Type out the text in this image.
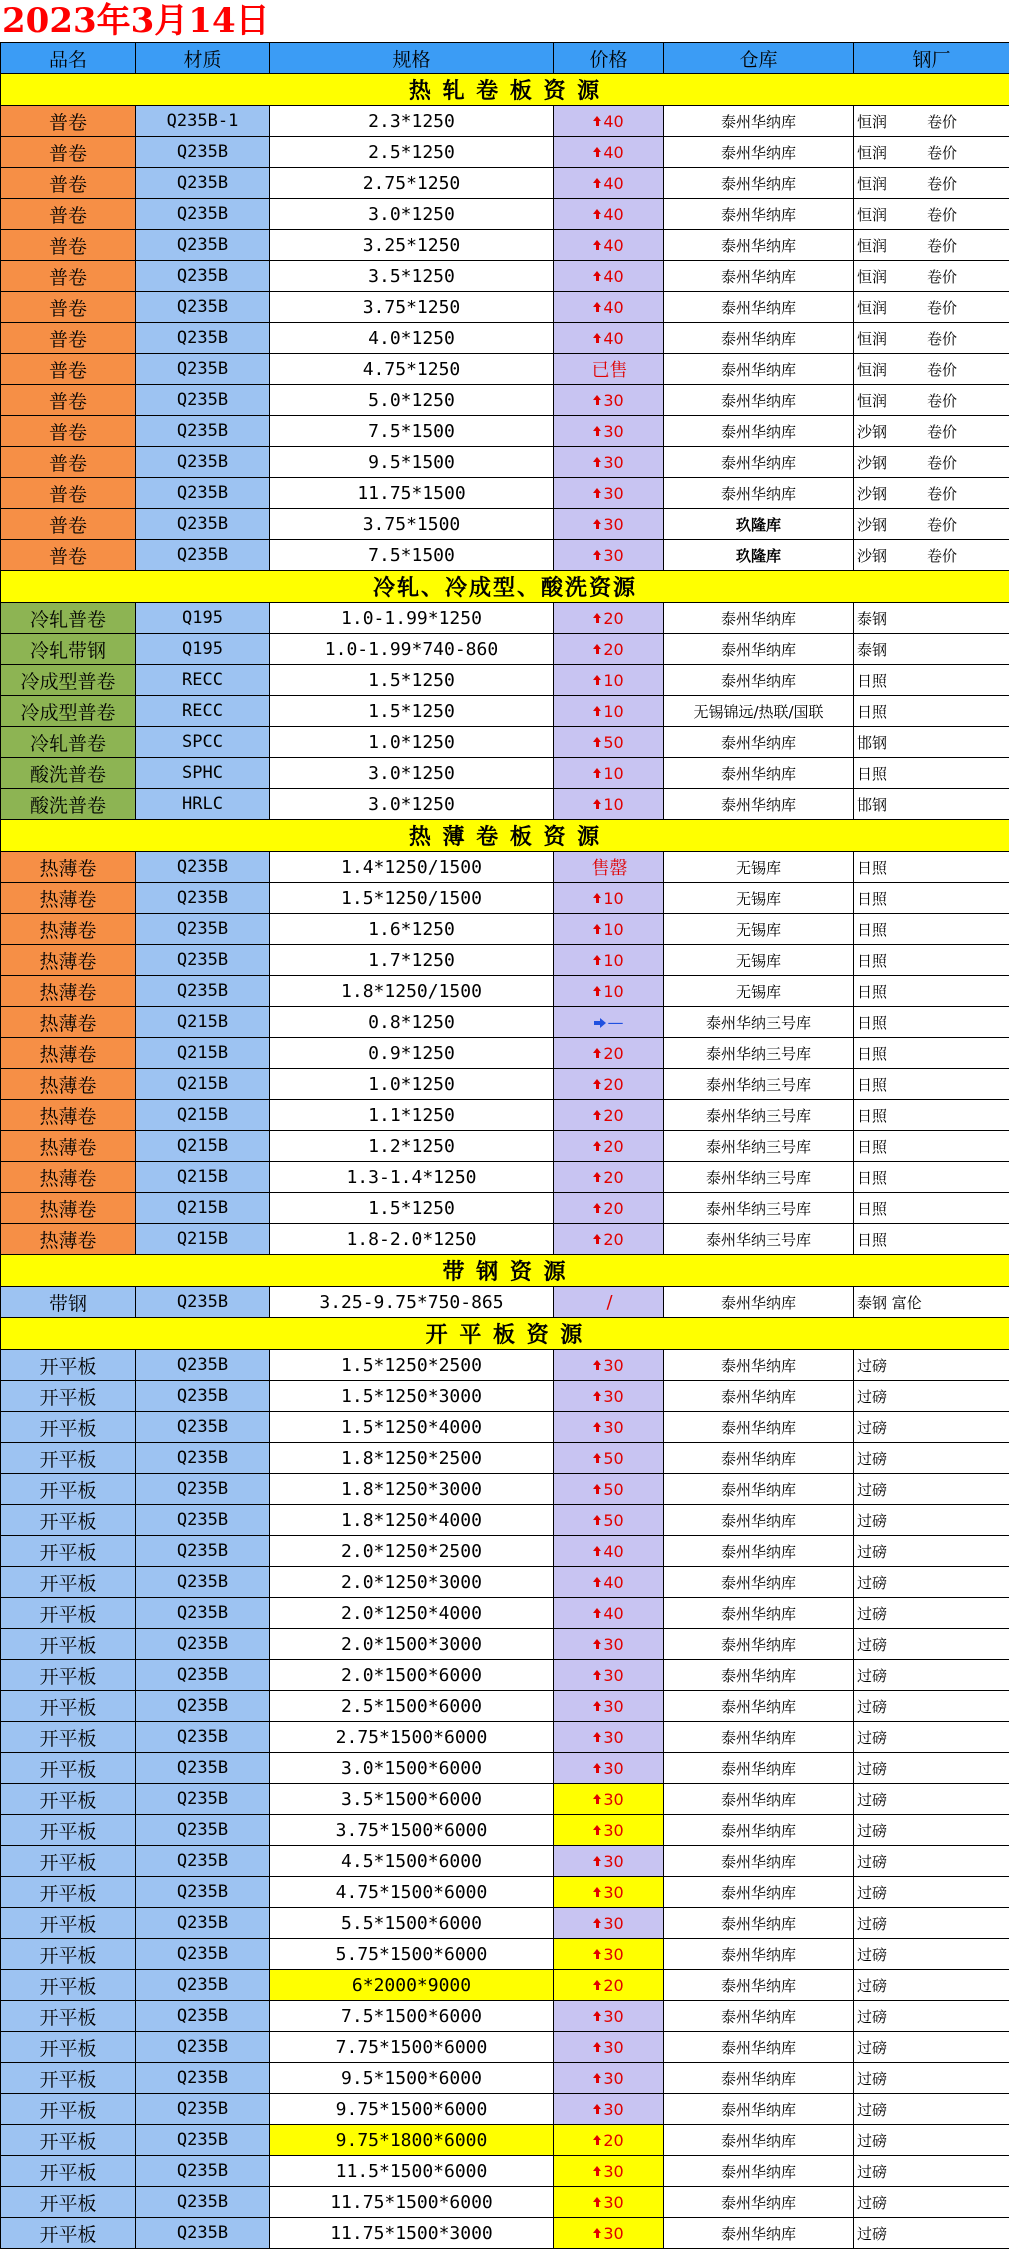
2023年3月14日
品名	材质	规格	价格	仓库	钢厂
热 轧 卷 板 资 源					
普卷	Q235B-1	2.3*1250	40	泰州华纳库	恒润 卷价
普卷	Q235B	2.5*1250	40	泰州华纳库	恒润 卷价
普卷	Q235B	2.75*1250	40	泰州华纳库	恒润 卷价
普卷	Q235B	3.0*1250	40	泰州华纳库	恒润 卷价
普卷	Q235B	3.25*1250	40	泰州华纳库	恒润 卷价
普卷	Q235B	3.5*1250	40	泰州华纳库	恒润 卷价
普卷	Q235B	3.75*1250	40	泰州华纳库	恒润 卷价
普卷	Q235B	4.0*1250	40	泰州华纳库	恒润 卷价
普卷	Q235B	4.75*1250	已售	泰州华纳库	恒润 卷价
普卷	Q235B	5.0*1250	30	泰州华纳库	恒润 卷价
普卷	Q235B	7.5*1500	30	泰州华纳库	沙钢 卷价
普卷	Q235B	9.5*1500	30	泰州华纳库	沙钢 卷价
普卷	Q235B	11.75*1500	30	泰州华纳库	沙钢 卷价
普卷	Q235B	3.75*1500	30	玖隆库	沙钢 卷价
普卷	Q235B	7.5*1500	30	玖隆库	沙钢 卷价
冷轧、冷成型、酸洗资源					
冷轧普卷	Q195	1.0-1.99*1250	20	泰州华纳库	泰钢
冷轧带钢	Q195	1.0-1.99*740-860	20	泰州华纳库	泰钢
冷成型普卷	RECC	1.5*1250	10	泰州华纳库	日照
冷成型普卷	RECC	1.5*1250	10	无锡锦远/热联/国联	日照
冷轧普卷	SPCC	1.0*1250	50	泰州华纳库	邯钢
酸洗普卷	SPHC	3.0*1250	10	泰州华纳库	日照
酸洗普卷	HRLC	3.0*1250	10	泰州华纳库	邯钢
热 薄 卷 板 资 源					
热薄卷	Q235B	1.4*1250/1500	售罄	无锡库	日照
热薄卷	Q235B	1.5*1250/1500	10	无锡库	日照
热薄卷	Q235B	1.6*1250	10	无锡库	日照
热薄卷	Q235B	1.7*1250	10	无锡库	日照
热薄卷	Q235B	1.8*1250/1500	10	无锡库	日照
热薄卷	Q215B	0.8*1250	—	泰州华纳三号库	日照
热薄卷	Q215B	0.9*1250	20	泰州华纳三号库	日照
热薄卷	Q215B	1.0*1250	20	泰州华纳三号库	日照
热薄卷	Q215B	1.1*1250	20	泰州华纳三号库	日照
热薄卷	Q215B	1.2*1250	20	泰州华纳三号库	日照
热薄卷	Q215B	1.3-1.4*1250	20	泰州华纳三号库	日照
热薄卷	Q215B	1.5*1250	20	泰州华纳三号库	日照
热薄卷	Q215B	1.8-2.0*1250	20	泰州华纳三号库	日照
带 钢 资 源					
带钢	Q235B	3.25-9.75*750-865	/	泰州华纳库	泰钢 富伦
开 平 板 资 源					
开平板	Q235B	1.5*1250*2500	30	泰州华纳库	过磅
开平板	Q235B	1.5*1250*3000	30	泰州华纳库	过磅
开平板	Q235B	1.5*1250*4000	30	泰州华纳库	过磅
开平板	Q235B	1.8*1250*2500	50	泰州华纳库	过磅
开平板	Q235B	1.8*1250*3000	50	泰州华纳库	过磅
开平板	Q235B	1.8*1250*4000	50	泰州华纳库	过磅
开平板	Q235B	2.0*1250*2500	40	泰州华纳库	过磅
开平板	Q235B	2.0*1250*3000	40	泰州华纳库	过磅
开平板	Q235B	2.0*1250*4000	40	泰州华纳库	过磅
开平板	Q235B	2.0*1500*3000	30	泰州华纳库	过磅
开平板	Q235B	2.0*1500*6000	30	泰州华纳库	过磅
开平板	Q235B	2.5*1500*6000	30	泰州华纳库	过磅
开平板	Q235B	2.75*1500*6000	30	泰州华纳库	过磅
开平板	Q235B	3.0*1500*6000	30	泰州华纳库	过磅
开平板	Q235B	3.5*1500*6000	30	泰州华纳库	过磅
开平板	Q235B	3.75*1500*6000	30	泰州华纳库	过磅
开平板	Q235B	4.5*1500*6000	30	泰州华纳库	过磅
开平板	Q235B	4.75*1500*6000	30	泰州华纳库	过磅
开平板	Q235B	5.5*1500*6000	30	泰州华纳库	过磅
开平板	Q235B	5.75*1500*6000	30	泰州华纳库	过磅
开平板	Q235B	6*2000*9000	20	泰州华纳库	过磅
开平板	Q235B	7.5*1500*6000	30	泰州华纳库	过磅
开平板	Q235B	7.75*1500*6000	30	泰州华纳库	过磅
开平板	Q235B	9.5*1500*6000	30	泰州华纳库	过磅
开平板	Q235B	9.75*1500*6000	30	泰州华纳库	过磅
开平板	Q235B	9.75*1800*6000	20	泰州华纳库	过磅
开平板	Q235B	11.5*1500*6000	30	泰州华纳库	过磅
开平板	Q235B	11.75*1500*6000	30	泰州华纳库	过磅
开平板	Q235B	11.75*1500*3000	30	泰州华纳库	过磅
